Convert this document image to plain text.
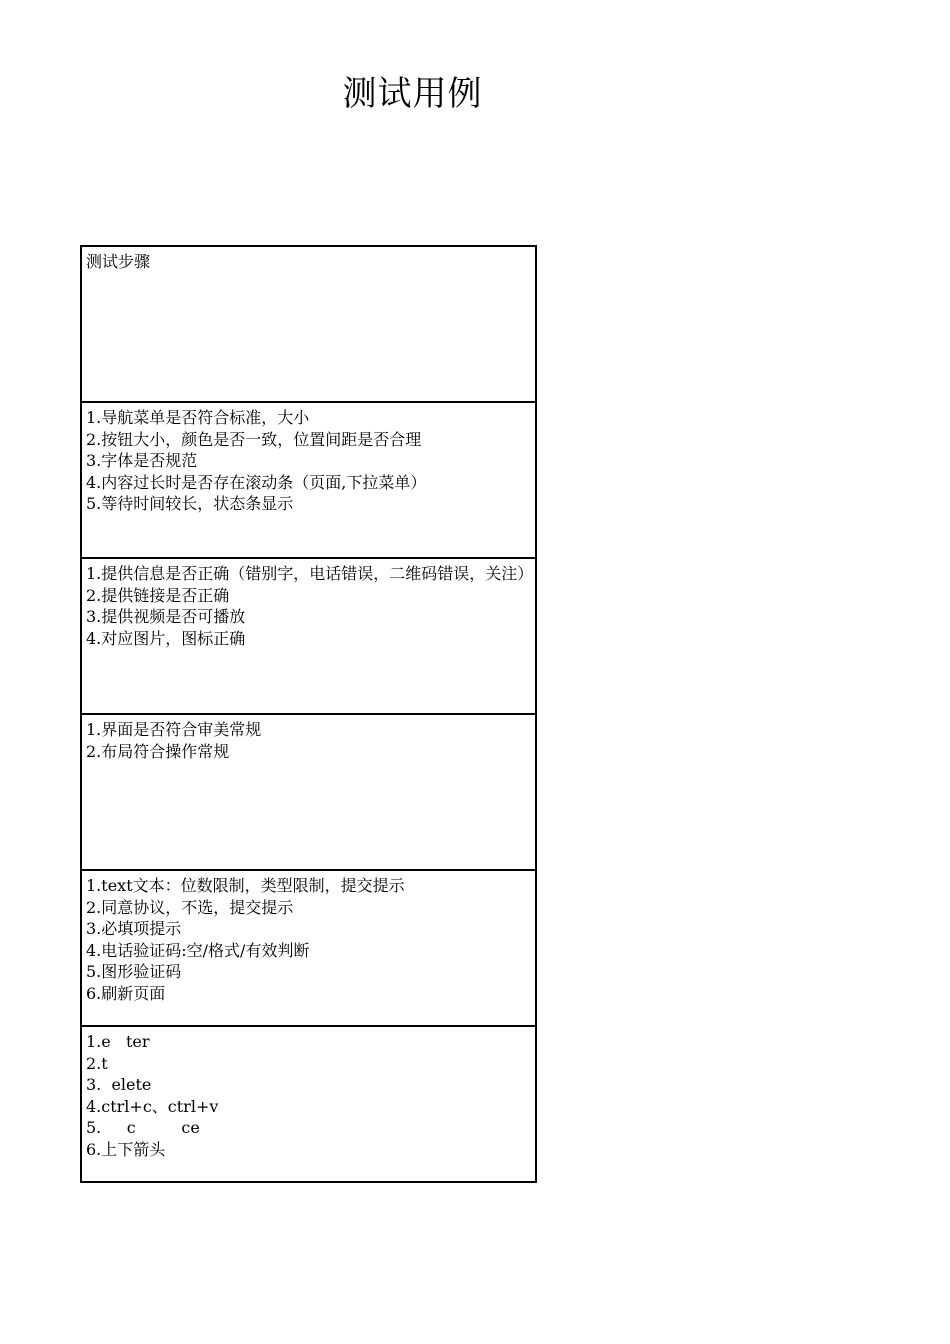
测试用例
测试步骤

1.导航菜单是否符合标准，大小
2.按钮大小，颜色是否一致，位置间距是否合理
3.字体是否规范
4.内容过长时是否存在滚动条（页面,下拉菜单）
5.等待时间较长，状态条显示

1.提供信息是否正确（错别字，电话错误，二维码错误，关注）
2.提供链接是否正确
3.提供视频是否可播放
4.对应图片，图标正确

1.界面是否符合审美常规
2.布局符合操作常规

1.text文本：位数限制，类型限制，提交提示
2.同意协议，不选，提交提示
3.必填项提示
4.电话验证码:空/格式/有效判断
5.图形验证码
6.刷新页面

1.e   ter
2.t
3.  elete
4.ctrl+c、ctrl+v
5.     c         ce
6.上下箭头
